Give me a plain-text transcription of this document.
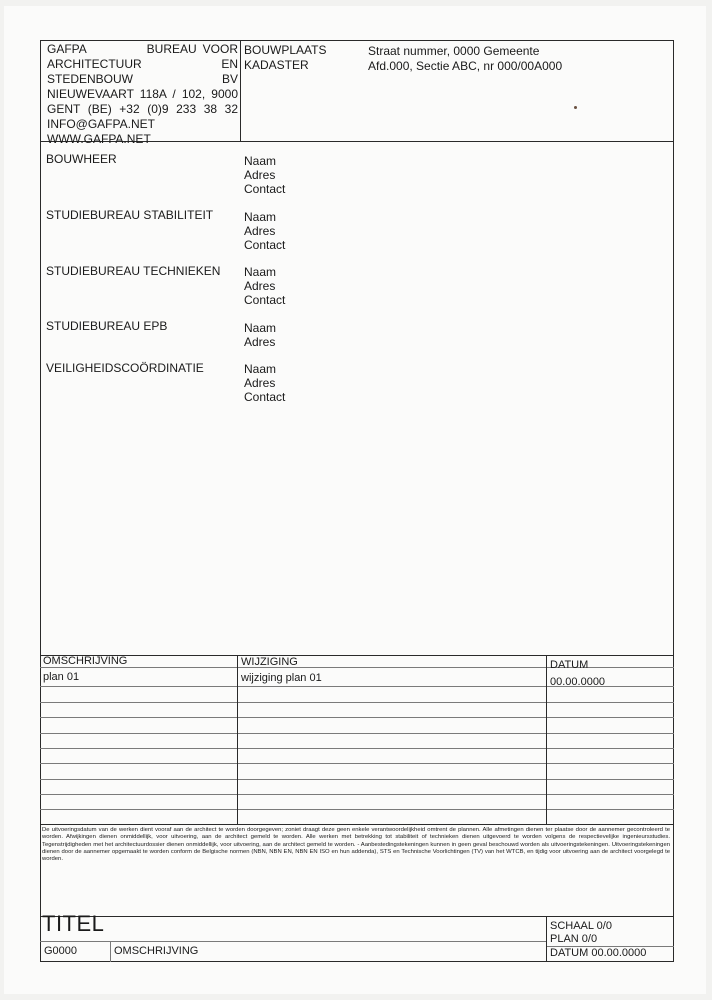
GAFPA	BUREAU VOOR ARCHITECTUUR EN STEDENBOUW BV NIEUWEVAART 118A / 102, 9000 GENT (BE) +32 (0)9 233 38 32 INFO@GAFPA.NET WWW.GAFPA.NET
BOUWPLAATS
KADASTER
Straat nummer, 0000 Gemeente
Afd.000, Sectie ABC, nr 000/00A000
BOUWHEER	Naam
Adres
Contact
STUDIEBUREAU STABILITEIT	Naam
Adres
Contact
STUDIEBUREAU TECHNIEKEN Naam
Adres
Contact
STUDIEBUREAU EPB	Naam
Adres
VEILIGHEIDSCOÖRDINATIE	Naam
Adres
Contact
OMSCHRIJVING	WIJZIGING	DATUM
plan 01	wijziging plan 01	00.00.0000
De uitvoeringsdatum van de werken dient vooraf aan de architect te worden doorgegeven; zoniet draagt deze geen enkele verantwoordelijkheid omtrent de plannen. Alle afmetingen dienen ter plaatse door de aannemer gecontroleerd te worden. Afwijkingen dienen onmiddellijk, voor uitvoering, aan de architect gemeld te worden. Alle werken met betrekking tot stabiliteit of technieken dienen uitgevoerd te worden volgens de respectievelijke ingenieursstudies. Tegenstrijdigheden met het architectuurdossier dienen onmiddellijk, voor uitvoering, aan de architect gemeld te worden. - Aanbestedingstekeningen kunnen in geen geval beschouwd worden als uitvoeringstekeningen. Uitvoeringstekeningen dienen door de aannemer opgemaakt te worden conform de Belgische normen (NBN, NBN EN, NBN EN ISO en hun addenda), STS en Technische Voorlichtingen (TV) van het WTCB, en tijdig voor uitvoering aan de architect voorgelegd te worden.
TITEL
G0000	OMSCHRIJVING
SCHAAL 0/0
PLAN 0/0
DATUM 00.00.0000
